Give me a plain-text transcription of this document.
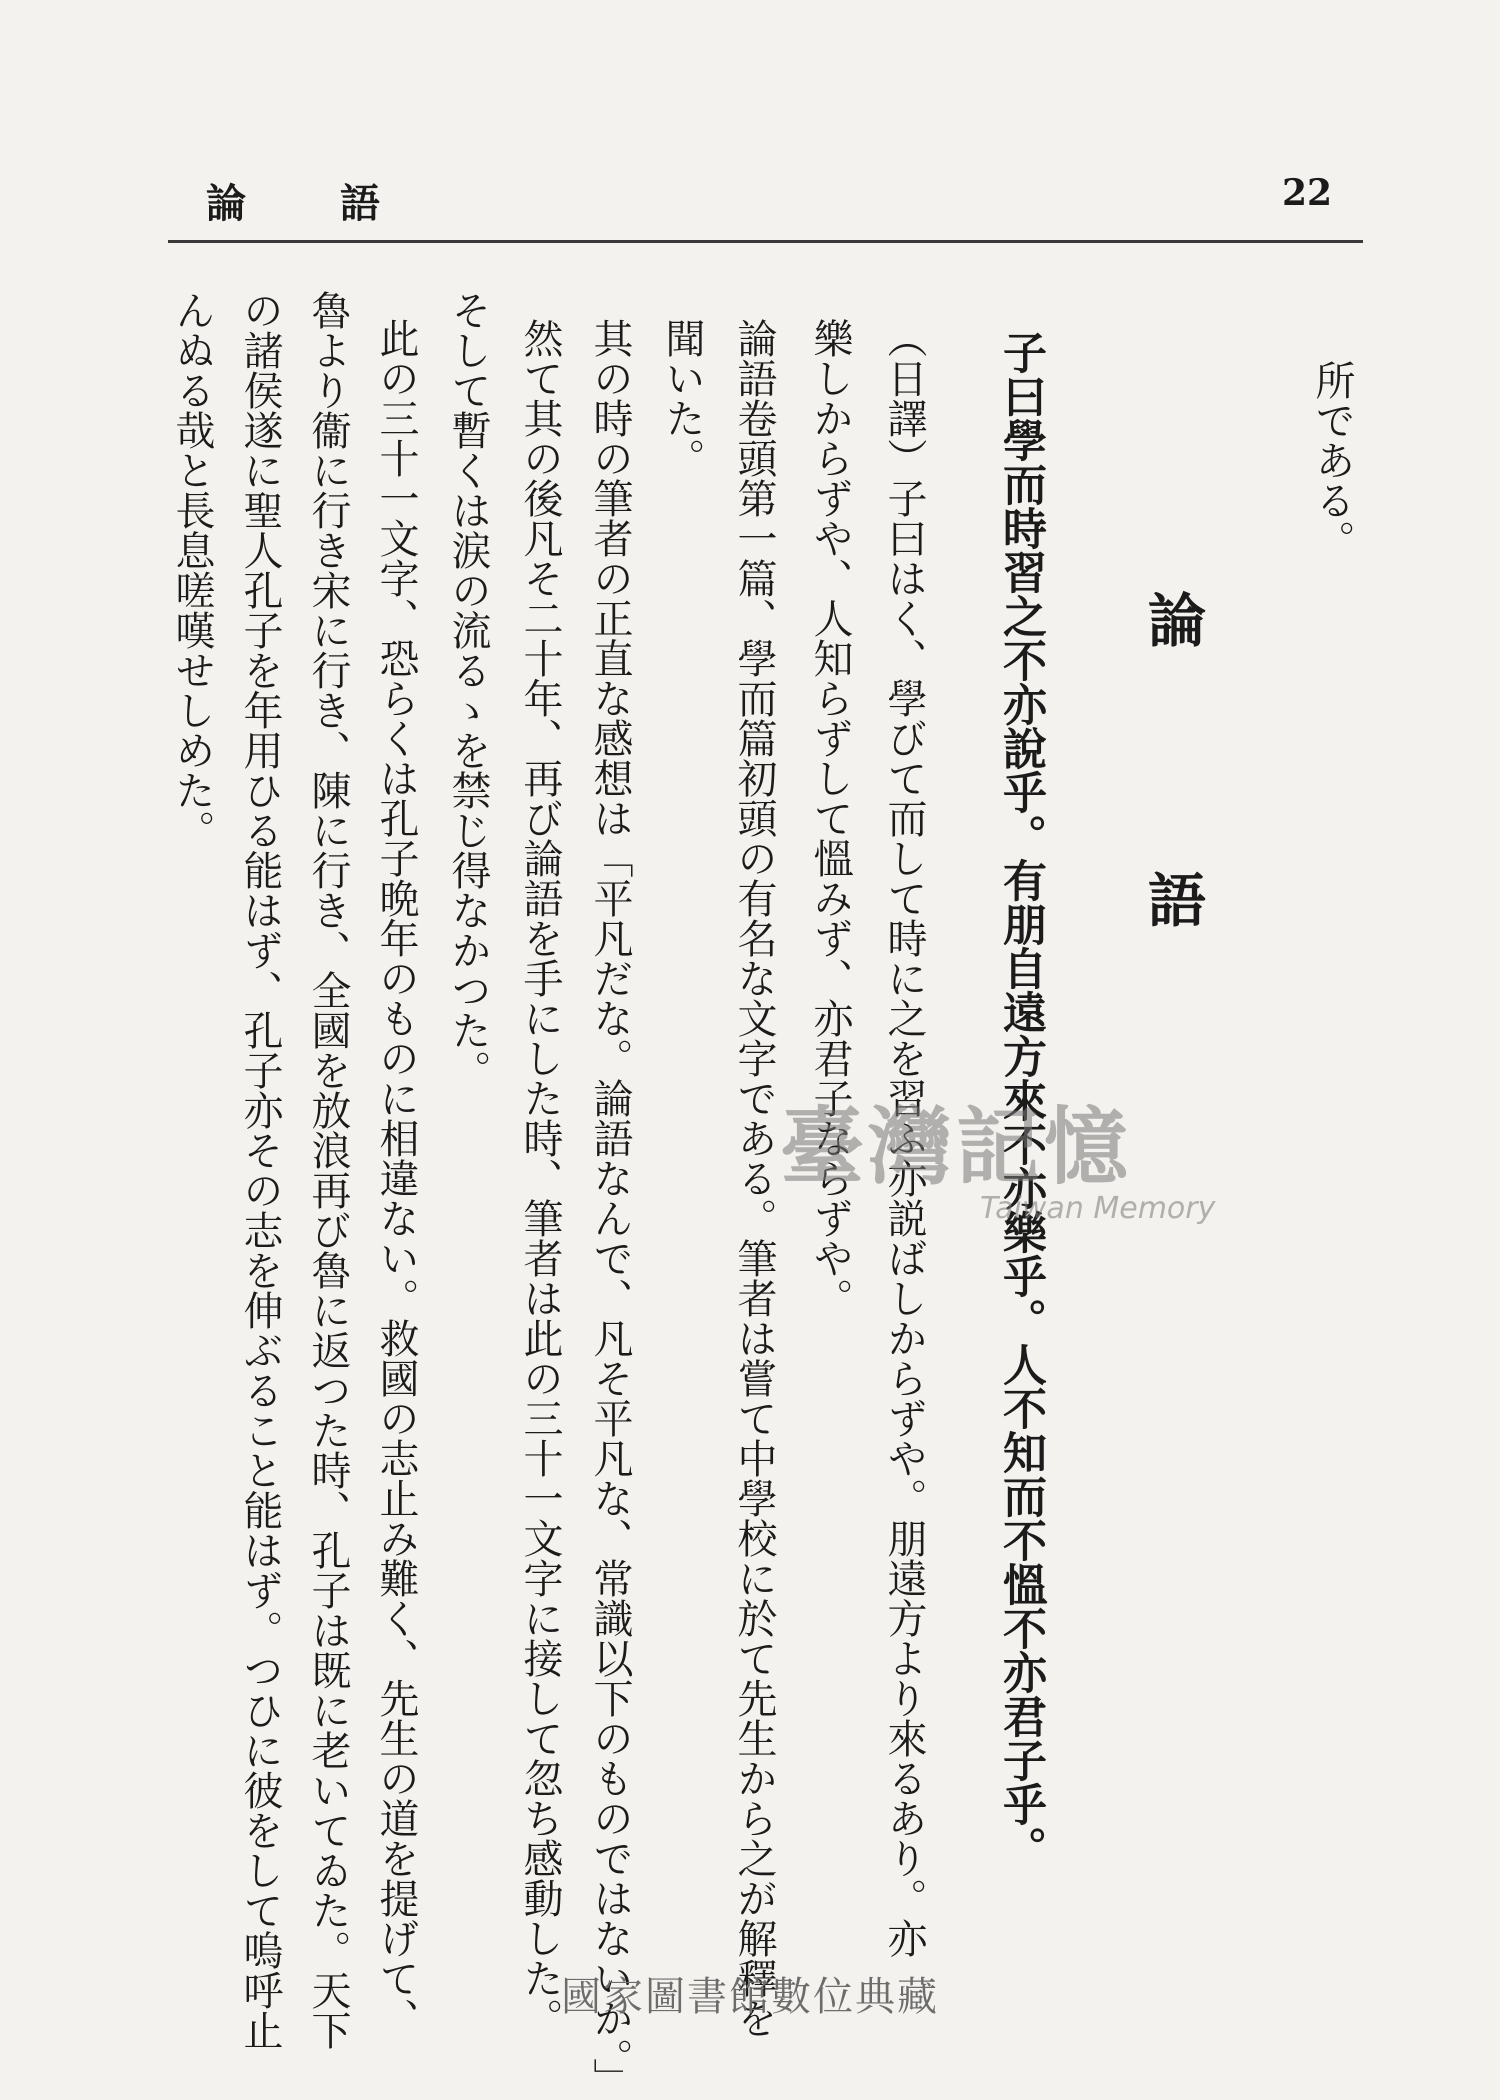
論 語	22
所である。
論
語
子曰學而時習之不亦說乎。有朋自遠方來不亦樂乎。人不知而不慍不亦君子乎。
（日譯）子曰はく、學びて而して時に之を習ふ亦説ばしからずや。朋遠方より來るあり。亦
樂しからずや、人知らずして慍みず、亦君子ならずや。
論語卷頭第一篇、學而篇初頭の有名な文字である。筆者は嘗て中學校に於て先生から之が解釋を
聞いた。
其の時の筆者の正直な感想は「平凡だな。論語なんで、凡そ平凡な、常識以下のものではないか。」
然て其の後凡そ二十年、再び論語を手にした時、筆者は此の三十一文字に接して忽ち感動した。
そして暫くは涙の流るゝを禁じ得なかつた。
此の三十一文字、恐らくは孔子晩年のものに相違ない。救國の志止み難く、先生の道を提げて、
魯より衞に行き宋に行き、陳に行き、全國を放浪再び魯に返つた時、孔子は既に老いてゐた。天下
の諸侯遂に聖人孔子を年用ひる能はず、孔子亦その志を伸ぶること能はず。つひに彼をして嗚呼止
んぬる哉と長息嗟嘆せしめた。
臺灣記憶
Taiwan Memory
國家圖書館數位典藏
